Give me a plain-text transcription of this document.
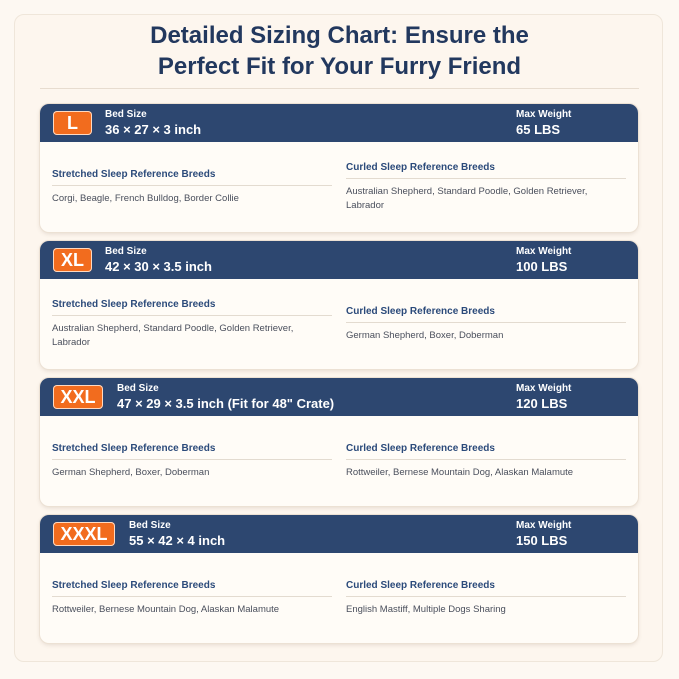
Detailed Sizing Chart: Ensure the
Perfect Fit for Your Furry Friend
L	Bed Size
36 × 27 × 3 inch
Max Weight
65 LBS
Stretched Sleep Reference Breeds
Corgi, Beagle, French Bulldog, Border Collie
Curled Sleep Reference Breeds
Australian Shepherd, Standard Poodle, Golden Retriever, Labrador
XL	Bed Size
42 × 30 × 3.5 inch
Max Weight
100 LBS
Stretched Sleep Reference Breeds
Australian Shepherd, Standard Poodle, Golden Retriever, Labrador
Curled Sleep Reference Breeds
German Shepherd, Boxer, Doberman
XXL	Bed Size
47 × 29 × 3.5 inch (Fit for 48" Crate)
Max Weight
120 LBS
Stretched Sleep Reference Breeds
German Shepherd, Boxer, Doberman
Curled Sleep Reference Breeds
Rottweiler, Bernese Mountain Dog, Alaskan Malamute
XXXL	Bed Size
55 × 42 × 4 inch
Max Weight
150 LBS
Stretched Sleep Reference Breeds
Rottweiler, Bernese Mountain Dog, Alaskan Malamute
Curled Sleep Reference Breeds
English Mastiff, Multiple Dogs Sharing
